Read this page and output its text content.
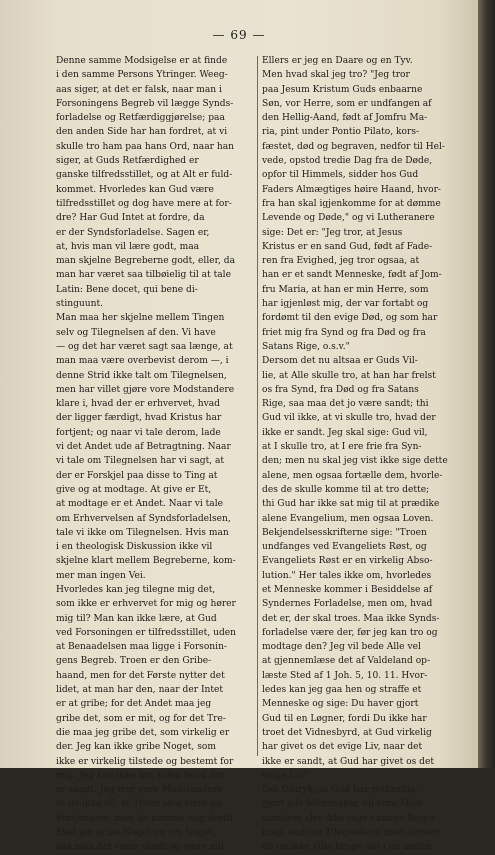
— 69 —
Denne samme Modsigelse er at finde
i den samme Persons Ytringer. Weeg-
aas siger, at det er falsk, naar man i
Forsoningens Begreb vil lægge Synds-
forladelse og Retfærdiggjørelse; paa
den anden Side har han fordret, at vi
skulle tro ham paa hans Ord, naar han
siger, at Guds Retfærdighed er
ganske tilfredsstillet, og at Alt er fuld-
kommet. Hvorledes kan Gud være
tilfredsstillet og dog have mere at for-
dre? Har Gud Intet at fordre, da
er der Syndsforladelse. Sagen er,
at, hvis man vil lære godt, maa
man skjelne Begreberne godt, eller, da
man har været saa tilbøielig til at tale
Latin: Bene docet, qui bene di-
stinguunt.
Man maa her skjelne mellem Tingen
selv og Tilegnelsen af den. Vi have
— og det har været sagt saa længe, at
man maa være overbevist derom —, i
denne Strid ikke talt om Tilegnelsen,
men har villet gjøre vore Modstandere
klare i, hvad der er erhvervet, hvad
der ligger færdigt, hvad Kristus har
fortjent; og naar vi tale derom, lade
vi det Andet ude af Betragtning. Naar
vi tale om Tilegnelsen har vi sagt, at
der er Forskjel paa disse to Ting at
give og at modtage. At give er Et,
at modtage er et Andet. Naar vi tale
om Erhvervelsen af Syndsforladelsen,
tale vi ikke om Tilegnelsen. Hvis man
i en theologisk Diskussion ikke vil
skjelne klart mellem Begreberne, kom-
mer man ingen Vei.
Hvorledes kan jeg tilegne mig det,
som ikke er erhvervet for mig og hører
mig til? Man kan ikke lære, at Gud
ved Forsoningen er tilfredsstillet, uden
at Benaadelsen maa ligge i Forsonin-
gens Begreb. Troen er den Gribe-
haand, men for det Første nytter det
lidet, at man har den, naar der Intet
er at gribe; for det Andet maa jeg
gribe det, som er mit, og for det Tre-
die maa jeg gribe det, som virkelig er
der. Jeg kan ikke gribe Noget, som
ikke er virkelig tilstede og bestemt for
mig. Jeg kan ikke tro, uden hvad der
er sandt. Jeg tror vore Modstandere
at de ikke vil, at Troen skal være en
Fortjeneste, men de komme dog dertil.
Skal jeg gribe Noget og tro Noget,
saa maa det være sandt og være mit.
Ellers er jeg en Daare og en Tyv.
Men hvad skal jeg tro? "Jeg tror
paa Jesum Kristum Guds enbaarne
Søn, vor Herre, som er undfangen af
den Hellig-Aand, født af Jomfru Ma-
ria, pint under Pontio Pilato, kors-
fæstet, død og begraven, nedfor til Hel-
vede, opstod tredie Dag fra de Døde,
opfor til Himmels, sidder hos Gud
Faders Almægtiges høire Haand, hvor-
fra han skal igjenkomme for at dømme
Levende og Døde," og vi Lutheranere
sige: Det er: "Jeg tror, at Jesus
Kristus er en sand Gud, født af Fade-
ren fra Evighed, jeg tror ogsaa, at
han er et sandt Menneske, født af Jom-
fru Maria, at han er min Herre, som
har igjenløst mig, der var fortabt og
fordømt til den evige Død, og som har
friet mig fra Synd og fra Død og fra
Satans Rige, o.s.v."
Dersom det nu altsaa er Guds Vil-
lie, at Alle skulle tro, at han har frelst
os fra Synd, fra Død og fra Satans
Rige, saa maa det jo være sandt; thi
Gud vil ikke, at vi skulle tro, hvad der
ikke er sandt. Jeg skal sige: Gud vil,
at I skulle tro, at I ere frie fra Syn-
den; men nu skal jeg vist ikke sige dette
alene, men ogsaa fortælle dem, hvorle-
des de skulle komme til at tro dette;
thi Gud har ikke sat mig til at prædike
alene Evangelium, men ogsaa Loven.
Bekjendelsesskrifterne sige: "Troen
undfanges ved Evangeliets Røst, og
Evangeliets Røst er en virkelig Abso-
lution." Her tales ikke om, hvorledes
et Menneske kommer i Besiddelse af
Syndernes Forladelse, men om, hvad
det er, der skal troes. Maa ikke Synds-
forladelse være der, før jeg kan tro og
modtage den? Jeg vil bede Alle vel
at gjennemlæse det af Valdeland op-
læste Sted af 1 Joh. 5, 10. 11. Hvor-
ledes kan jeg gaa hen og straffe et
Menneske og sige: Du haver gjort
Gud til en Løgner, fordi Du ikke har
troet det Vidnesbyrd, at Gud virkelig
har givet os det evige Liv, naar det
ikke er sandt, at Gud har givet os det
evige Liv?
Det Udtryk, at Gud har retfærdig-
gjort alle Mennesker, vil vore Mod-
standere slet ikke tage i anden Betyd-
ning, end om Tilegnelsen; men dersom
de nu ikke ville bruge det i en anden
